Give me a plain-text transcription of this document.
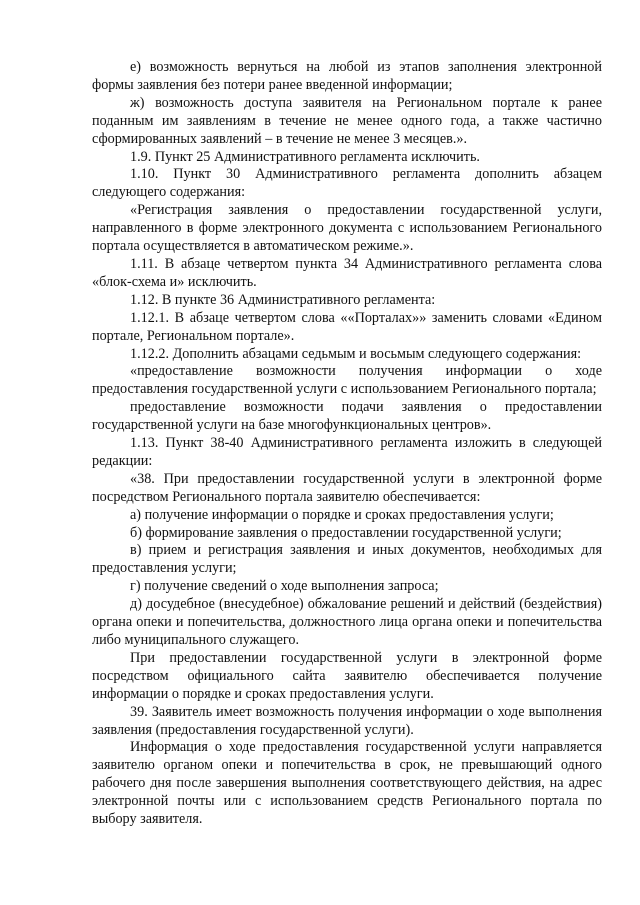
е) возможность вернуться на любой из этапов заполнения электронной формы заявления без потери ранее введенной информации;

ж) возможность доступа заявителя на Региональном портале к ранее поданным им заявлениям в течение не менее одного года, а также частично сформированных заявлений – в течение не менее 3 месяцев.».

1.9. Пункт 25 Административного регламента исключить.

1.10. Пункт 30 Административного регламента дополнить абзацем следующего содержания:

«Регистрация заявления о предоставлении государственной услуги, направленного в форме электронного документа с использованием Регионального портала осуществляется в автоматическом режиме.».

1.11. В абзаце четвертом пункта 34 Административного регламента слова «блок-схема и» исключить.

1.12. В пункте 36 Административного регламента:

1.12.1. В абзаце четвертом слова ««Порталах»» заменить словами «Едином портале, Региональном портале».

1.12.2. Дополнить абзацами седьмым и восьмым следующего содержания:

«предоставление возможности получения информации о ходе предоставления государственной услуги с использованием Регионального портала;

предоставление возможности подачи заявления о предоставлении государственной услуги на базе многофункциональных центров».

1.13. Пункт 38-40 Административного регламента изложить в следующей редакции:

«38. При предоставлении государственной услуги в электронной форме посредством Регионального портала заявителю обеспечивается:

а) получение информации о порядке и сроках предоставления услуги;

б) формирование заявления о предоставлении государственной услуги;

в) прием и регистрация заявления и иных документов, необходимых для предоставления услуги;

г) получение сведений о ходе выполнения запроса;

д) досудебное (внесудебное) обжалование решений и действий (бездействия) органа опеки и попечительства, должностного лица органа опеки и попечительства либо муниципального служащего.

При предоставлении государственной услуги в электронной форме посредством официального сайта заявителю обеспечивается получение информации о порядке и сроках предоставления услуги.

39. Заявитель имеет возможность получения информации о ходе выполнения заявления (предоставления государственной услуги).

Информация о ходе предоставления государственной услуги направляется заявителю органом опеки и попечительства в срок, не превышающий одного рабочего дня после завершения выполнения соответствующего действия, на адрес электронной почты или с использованием средств Регионального портала по выбору заявителя.
